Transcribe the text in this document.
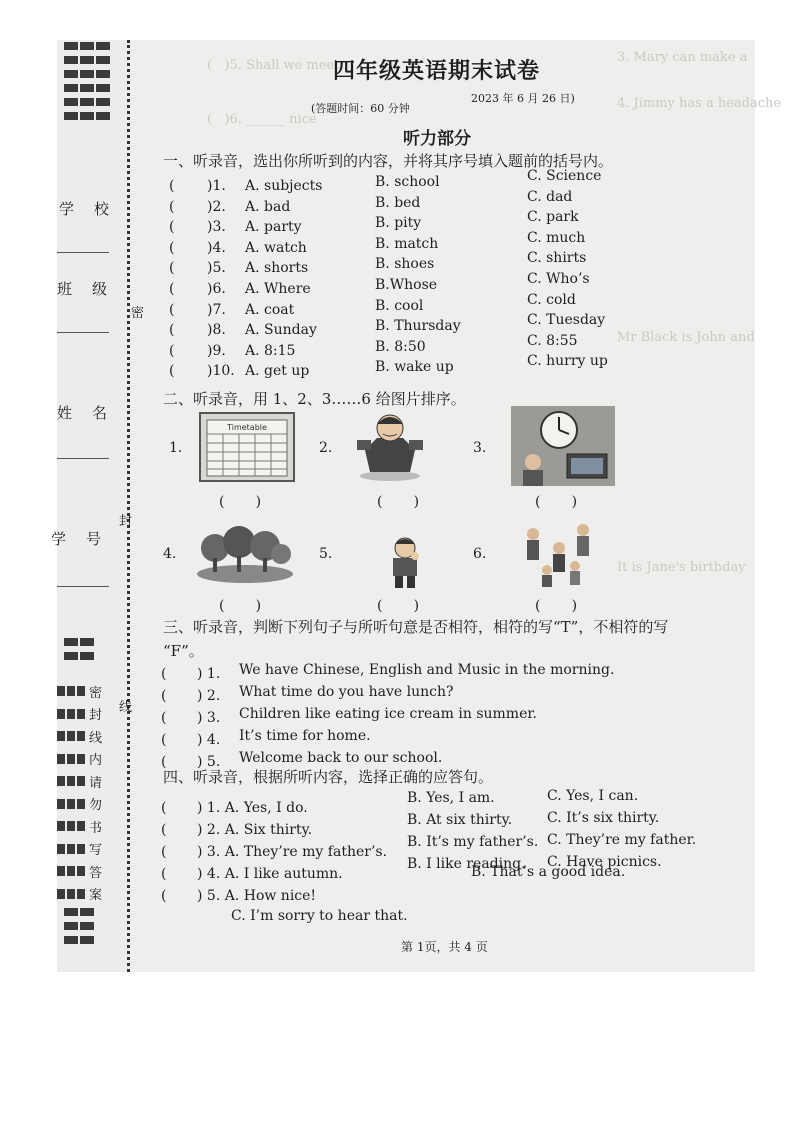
学校
班级
姓名
学号
密
封
线
内
请
勿
书
写
答
案
密
封
线
(   )5. Shall we meet
(   )6. ______ nice
3. Mary can make a
4. Jimmy has a headache
Mr Black is John and
It is Jane's birthday
四年级英语期末试卷
(答题时间：60 分钟
2023 年 6 月 26 日)
听力部分
一、听录音，选出你所听到的内容，并将其序号填入题前的括号内。
( )1. A. subjects	B. school	C. Science
( )2. A. bad	B. bed	C. dad
( )3. A. party	B. pity	C. park
( )4. A. watch	B. match	C. much
( )5. A. shorts	B. shoes	C. shirts
( )6. A. Where	B.Whose	C. Who’s
( )7. A. coat	B. cool	C. cold
( )8. A. Sunday	B. Thursday	C. Tuesday
( )9. A. 8:15	B. 8:50	C. 8:55
( )10. A. get up	B. wake up	C. hurry up
二、听录音，用 1、2、3……6 给图片排序。
1.
Timetable
(       )
2.
(       )
3.
(       )
4.
(       )
5.
(       )
6.
(       )
三、听录音，判断下列句子与所听句意是否相符，相符的写“T”，不相符的写
“F”。
( ) 1. We have Chinese, English and Music in the morning.
( ) 2. What time do you have lunch?
( ) 3. Children like eating ice cream in summer.
( ) 4. It’s time for home.
( ) 5. Welcome back to our school.
四、听录音，根据所听内容，选择正确的应答句。
( ) 1. A. Yes, I do.
B. Yes, I am.	C. Yes, I can.
( ) 2. A. Six thirty.
B. At six thirty. C. It’s six thirty.
( ) 3. A. They’re my father’s.
B. It’s my father’s. C. They’re my father.
( ) 4. A. I like autumn.
B. I like reading. C. Have picnics.
( ) 5. A. How nice!
B. That’s a good idea.
C. I’m sorry to hear that.
第 1页，共 4 页
